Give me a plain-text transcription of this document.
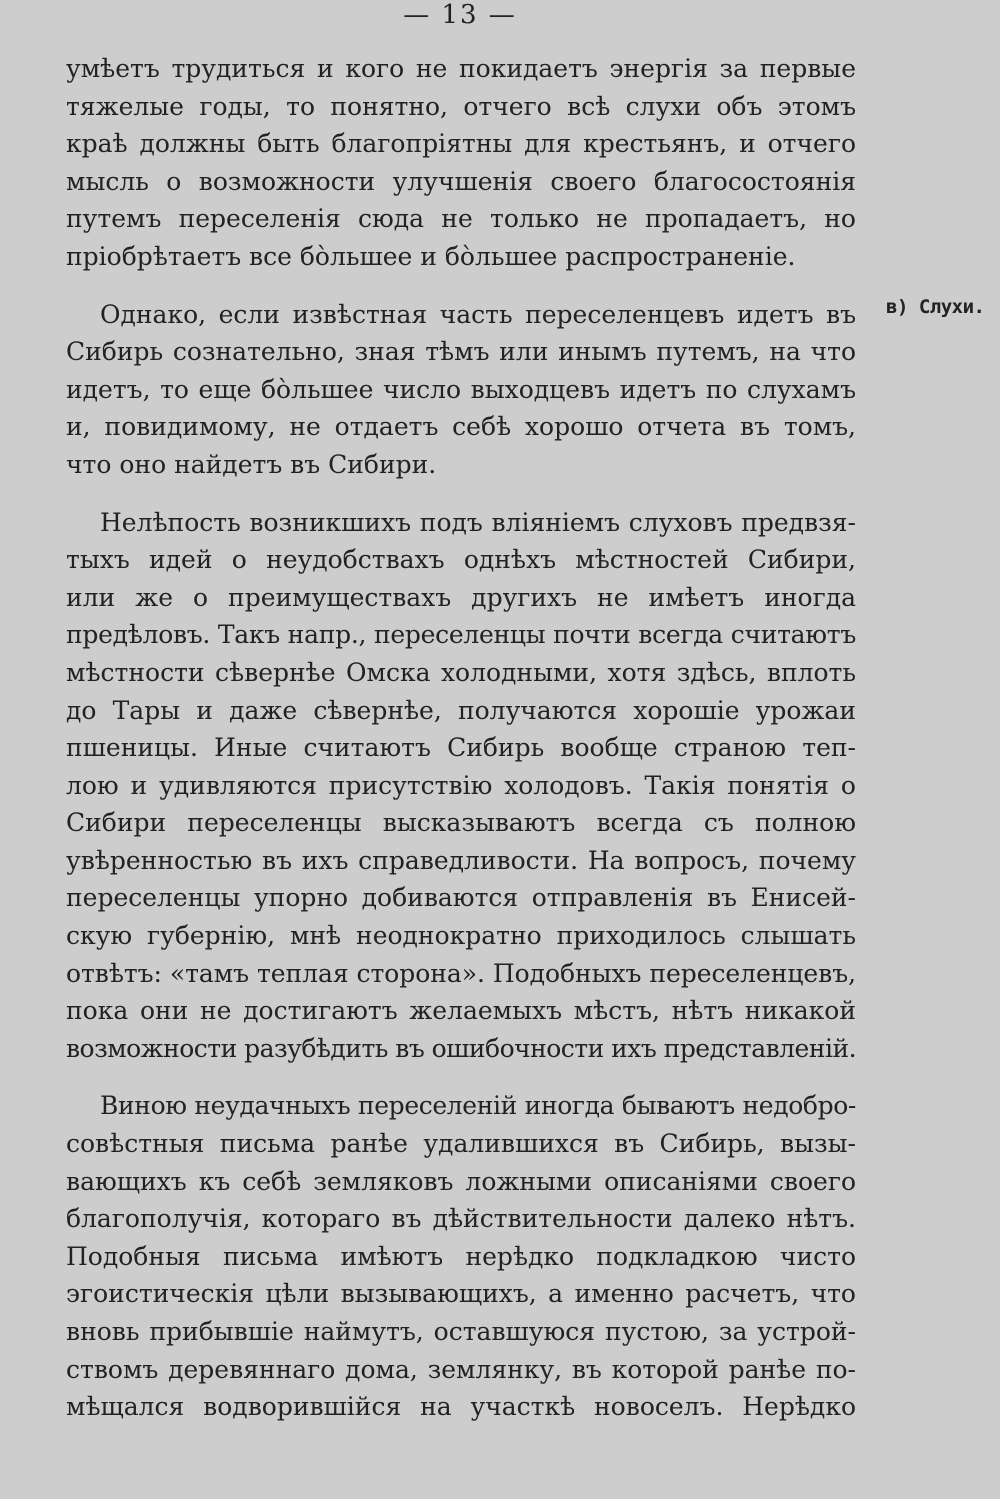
— 13 —
в) Слухи.

умѣетъ трудиться и кого не покидаетъ энергія за первые
тяжелые годы, то понятно, отчего всѣ слухи объ этомъ
краѣ должны быть благопріятны для крестьянъ, и отчего
мысль о возможности улучшенія своего благосостоянія
путемъ переселенія сюда не только не пропадаетъ, но
пріобрѣтаетъ все бо̀льшее и бо̀льшее распространеніе.

Однако, если извѣстная часть переселенцевъ идетъ въ
Сибирь сознательно, зная тѣмъ или инымъ путемъ, на что
идетъ, то еще бо̀льшее число выходцевъ идетъ по слухамъ
и, повидимому, не отдаетъ себѣ хорошо отчета въ томъ,
что оно найдетъ въ Сибири.

Нелѣпость возникшихъ подъ вліяніемъ слуховъ предвзя-
тыхъ идей о неудобствахъ однѣхъ мѣстностей Сибири,
или же о преимуществахъ другихъ не имѣетъ иногда
предѣловъ. Такъ напр., переселенцы почти всегда считаютъ
мѣстности сѣвернѣе Омска холодными, хотя здѣсь, вплоть
до Тары и даже сѣвернѣе, получаются хорошіе урожаи
пшеницы. Иные считаютъ Сибирь вообще страною теп-
лою и удивляются присутствію холодовъ. Такія понятія о
Сибири переселенцы высказываютъ всегда съ полною
увѣренностью въ ихъ справедливости. На вопросъ, почему
переселенцы упорно добиваются отправленія въ Енисей-
скую губернію, мнѣ неоднократно приходилось слышать
отвѣтъ: «тамъ теплая сторона». Подобныхъ переселенцевъ,
пока они не достигаютъ желаемыхъ мѣстъ, нѣтъ никакой
возможности разубѣдить въ ошибочности ихъ представленій.

Виною неудачныхъ переселеній иногда бываютъ недобро-
совѣстныя письма ранѣе удалившихся въ Сибирь, вызы-
вающихъ къ себѣ земляковъ ложными описаніями своего
благополучія, котораго въ дѣйствительности далеко нѣтъ.
Подобныя письма имѣютъ нерѣдко подкладкою чисто
эгоистическія цѣли вызывающихъ, а именно расчетъ, что
вновь прибывшіе наймутъ, оставшуюся пустою, за устрой-
ствомъ деревяннаго дома, землянку, въ которой ранѣе по-
мѣщался водворившійся на участкѣ новоселъ. Нерѣдко
